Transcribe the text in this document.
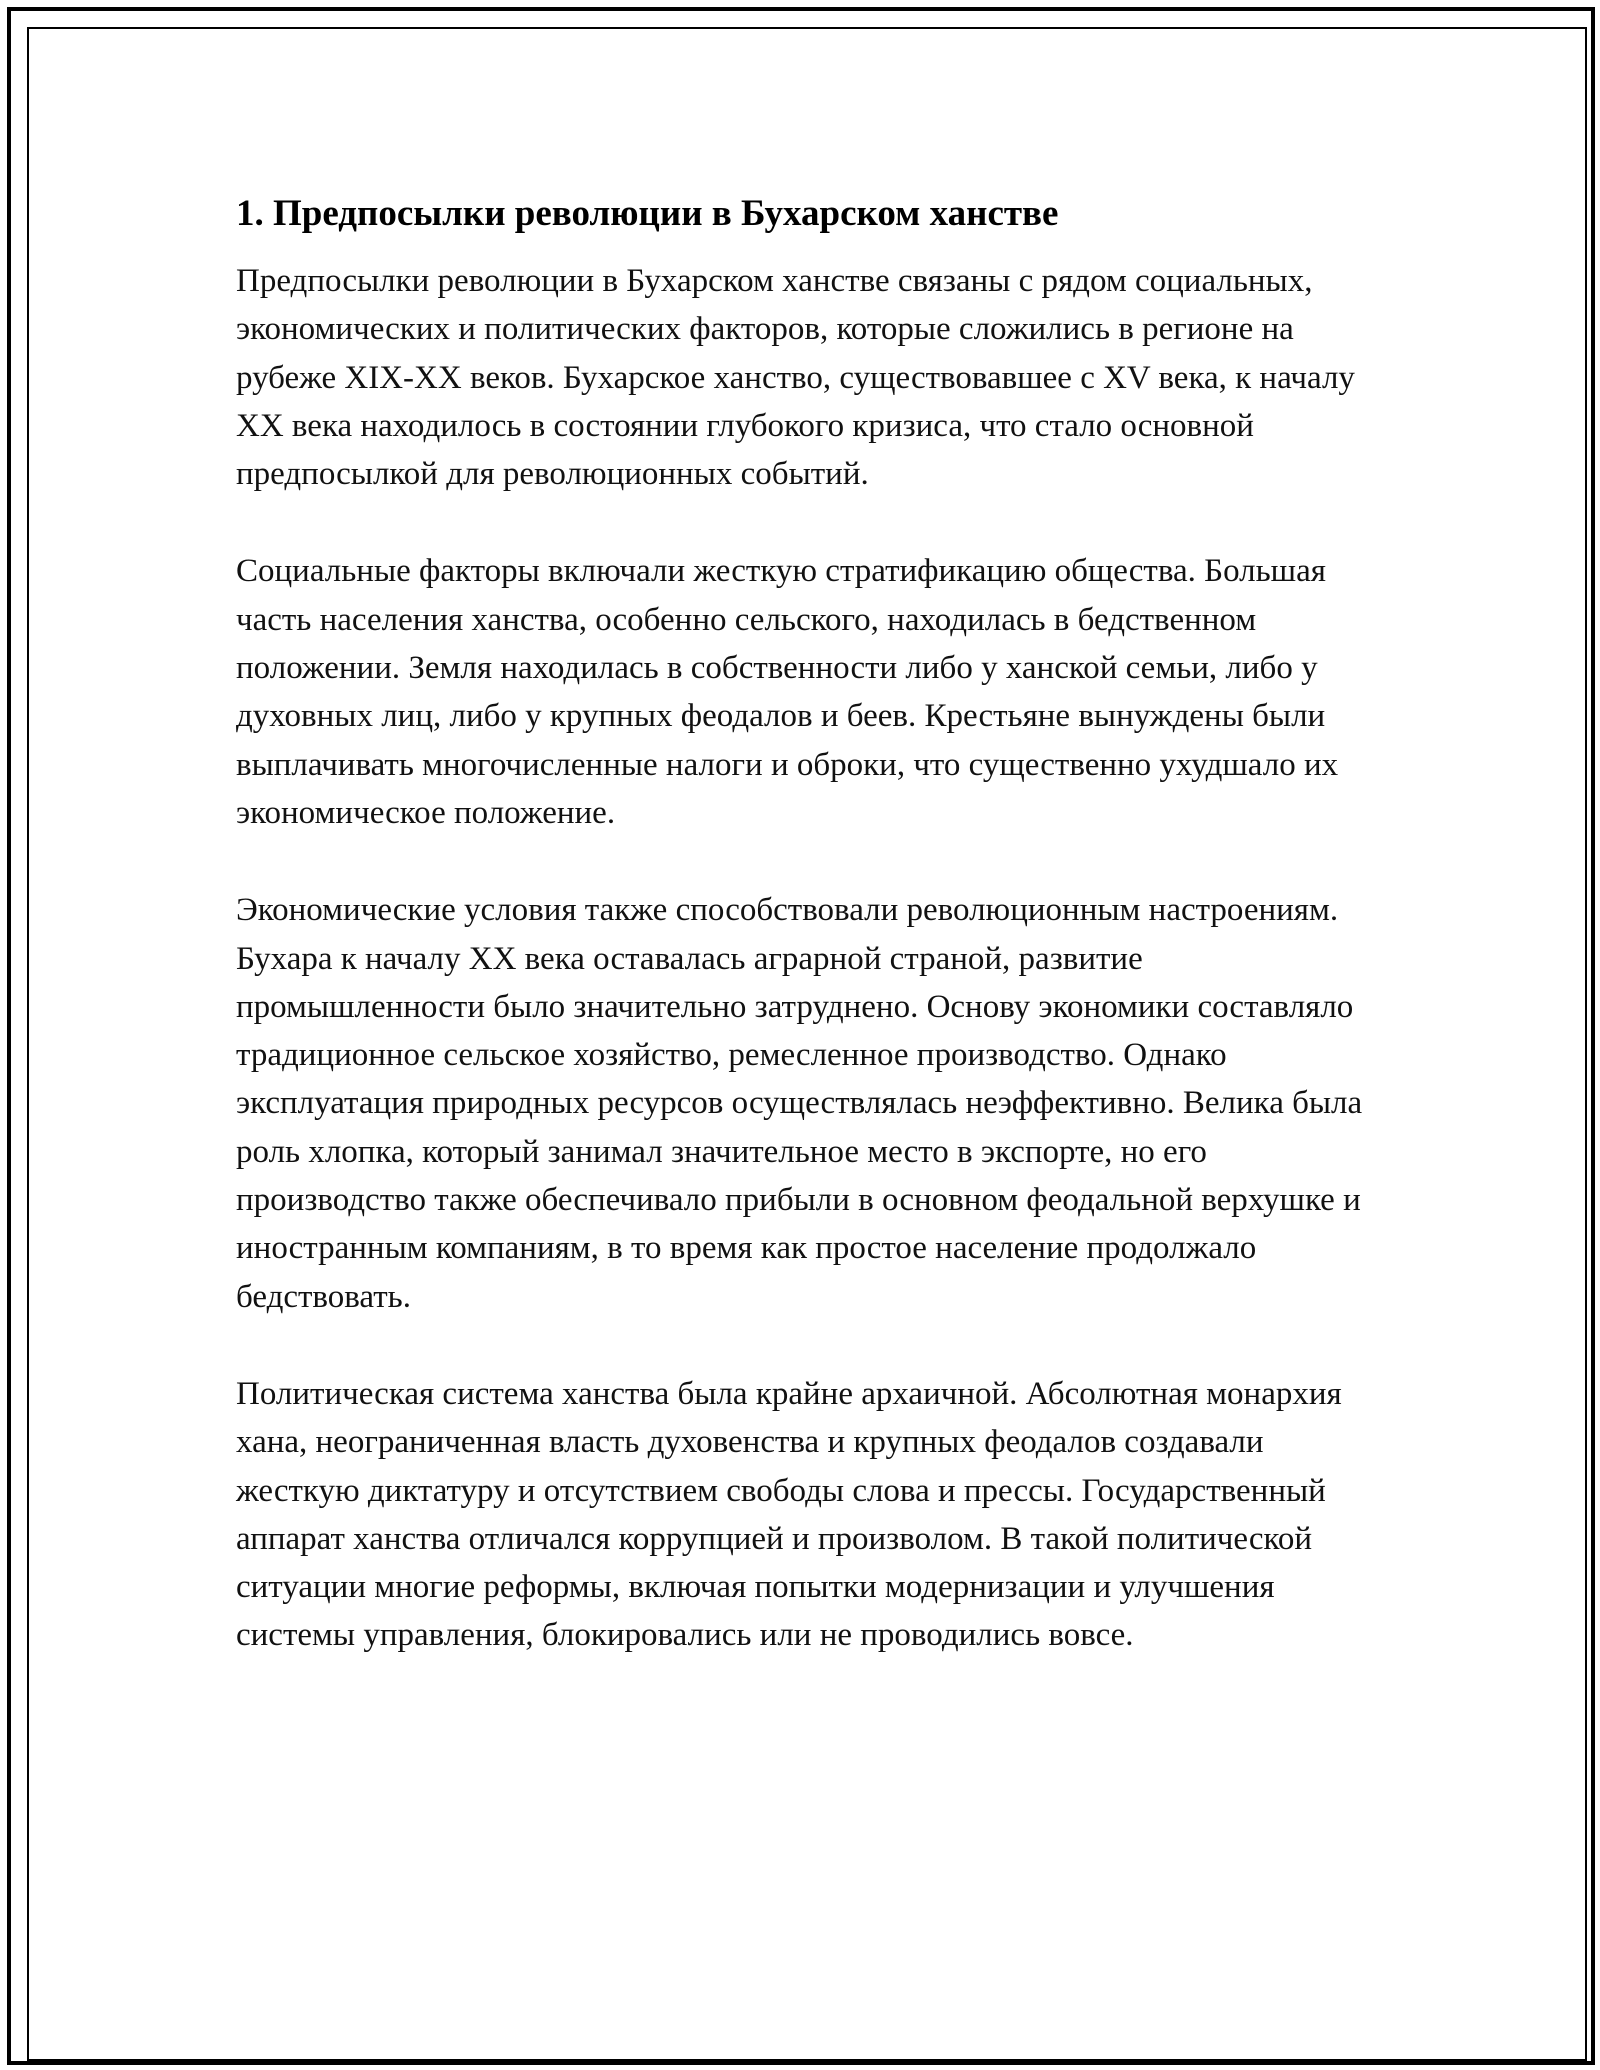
1. Предпосылки революции в Бухарском ханстве

Предпосылки революции в Бухарском ханстве связаны с рядом социальных, экономических и политических факторов, которые сложились в регионе на рубеже XIX-XX веков. Бухарское ханство, существовавшее с XV века, к началу XX века находилось в состоянии глубокого кризиса, что стало основной предпосылкой для революционных событий.

Социальные факторы включали жесткую стратификацию общества. Большая часть населения ханства, особенно сельского, находилась в бедственном положении. Земля находилась в собственности либо у ханской семьи, либо у духовных лиц, либо у крупных феодалов и беев. Крестьяне вынуждены были выплачивать многочисленные налоги и оброки, что существенно ухудшало их экономическое положение.

Экономические условия также способствовали революционным настроениям. Бухара к началу XX века оставалась аграрной страной, развитие промышленности было значительно затруднено. Основу экономики составляло традиционное сельское хозяйство, ремесленное производство. Однако эксплуатация природных ресурсов осуществлялась неэффективно. Велика была роль хлопка, который занимал значительное место в экспорте, но его производство также обеспечивало прибыли в основном феодальной верхушке и иностранным компаниям, в то время как простое население продолжало бедствовать.

Политическая система ханства была крайне архаичной. Абсолютная монархия хана, неограниченная власть духовенства и крупных феодалов создавали жесткую диктатуру и отсутствием свободы слова и прессы. Государственный аппарат ханства отличался коррупцией и произволом. В такой политической ситуации многие реформы, включая попытки модернизации и улучшения системы управления, блокировались или не проводились вовсе.
